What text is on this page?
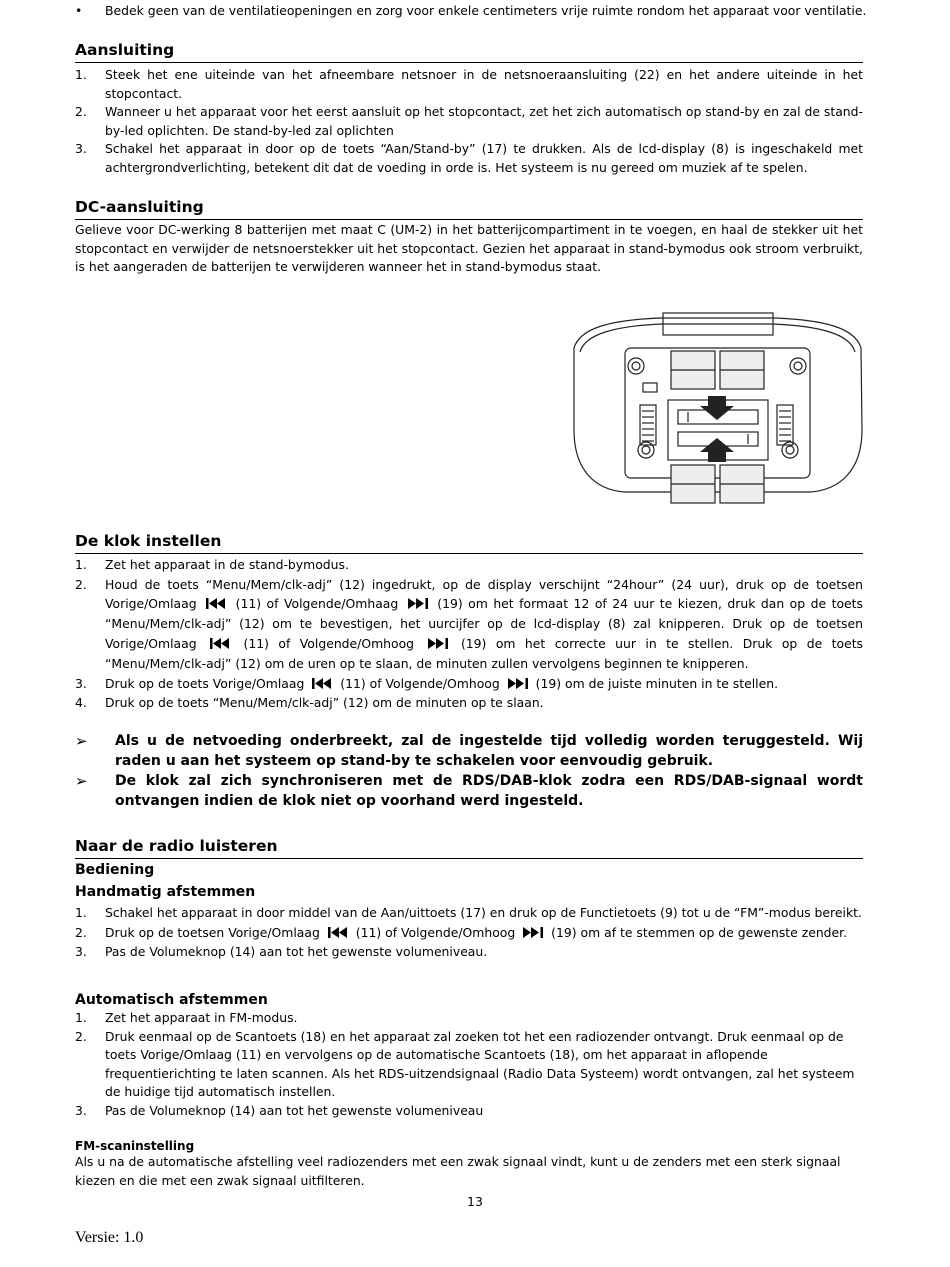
• Bedek geen van de ventilatieopeningen en zorg voor enkele centimeters vrije ruimte rondom het apparaat voor ventilatie.
Aansluiting
1. Steek het ene uiteinde van het afneembare netsnoer in de netsnoeraansluiting (22) en het andere uiteinde in het stopcontact.
2. Wanneer u het apparaat voor het eerst aansluit op het stopcontact, zet het zich automatisch op stand-by en zal de stand-by-led oplichten. De stand-by-led zal oplichten
3. Schakel het apparaat in door op de toets “Aan/Stand-by” (17) te drukken. Als de lcd-display (8) is ingeschakeld met achtergrondverlichting, betekent dit dat de voeding in orde is. Het systeem is nu gereed om muziek af te spelen.
DC-aansluiting
Gelieve voor DC-werking 8 batterijen met maat C (UM-2) in het batterijcompartiment in te voegen, en haal de stekker uit het stopcontact en verwijder de netsnoerstekker uit het stopcontact. Gezien het apparaat in stand-bymodus ook stroom verbruikt, is het aangeraden de batterijen te verwijderen wanneer het in stand-bymodus staat.
De klok instellen
1. Zet het apparaat in de stand-bymodus.
2. Houd de toets “Menu/Mem/clk-adj” (12) ingedrukt, op de display verschijnt “24hour” (24 uur), druk op de toetsen Vorige/Omlaag	(11) of Volgende/Omhaag	(19) om het formaat 12 of 24 uur te kiezen, druk dan op de toets “Menu/Mem/clk-adj” (12) om te bevestigen, het uurcijfer op de lcd-display (8) zal knipperen. Druk op de toetsen Vorige/Omlaag	(11) of Volgende/Omhoog	(19) om het correcte uur in te stellen. Druk op de toets “Menu/Mem/clk-adj” (12) om de uren op te slaan, de minuten zullen vervolgens beginnen te knipperen.
3. Druk op de toets Vorige/Omlaag	(11) of Volgende/Omhoog	(19) om de juiste minuten in te stellen.
4. Druk op de toets “Menu/Mem/clk-adj” (12) om de minuten op te slaan.
➢ Als u de netvoeding onderbreekt, zal de ingestelde tijd volledig worden teruggesteld. Wij raden u aan het systeem op stand-by te schakelen voor eenvoudig gebruik.
➢ De klok zal zich synchroniseren met de RDS/DAB-klok zodra een RDS/DAB-signaal wordt ontvangen indien de klok niet op voorhand werd ingesteld.
Naar de radio luisteren
Bediening
Handmatig afstemmen
1. Schakel het apparaat in door middel van de Aan/uittoets (17) en druk op de Functietoets (9) tot u de “FM”-modus bereikt.
2. Druk op de toetsen Vorige/Omlaag	(11) of Volgende/Omhoog	(19) om af te stemmen op de gewenste zender.
3. Pas de Volumeknop (14) aan tot het gewenste volumeniveau.
Automatisch afstemmen
1. Zet het apparaat in FM-modus.
2. Druk eenmaal op de Scantoets (18) en het apparaat zal zoeken tot het een radiozender ontvangt. Druk eenmaal op de toets Vorige/Omlaag (11) en vervolgens op de automatische Scantoets (18), om het apparaat in aflopende frequentierichting te laten scannen. Als het RDS-uitzendsignaal (Radio Data Systeem) wordt ontvangen, zal het systeem de huidige tijd automatisch instellen.
3. Pas de Volumeknop (14) aan tot het gewenste volumeniveau
FM-scaninstelling
Als u na de automatische afstelling veel radiozenders met een zwak signaal vindt, kunt u de zenders met een sterk signaal kiezen en die met een zwak signaal uitfilteren.
13
Versie: 1.0
